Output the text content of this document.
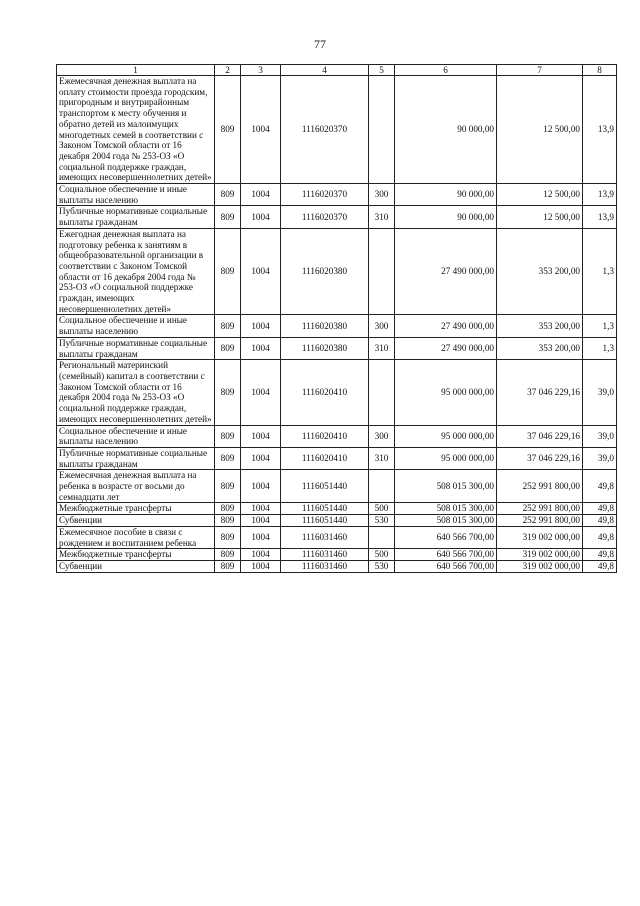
77
1	2	3	4	5	6	7	8
Ежемесячная денежная выплата на оплату стоимости проезда городским, пригородным и внутрирайонным транспортом к месту обучения и обратно детей из малоимущих многодетных семей в соответствии с Законом Томской области от 16 декабря 2004 года № 253-ОЗ «О социальной поддержке граждан, имеющих несовершеннолетних детей»	809	1004	1116020370		90 000,00	12 500,00	13,9
Социальное обеспечение и иные выплаты населению	809	1004	1116020370	300	90 000,00	12 500,00	13,9
Публичные нормативные социальные выплаты гражданам	809	1004	1116020370	310	90 000,00	12 500,00	13,9
Ежегодная денежная выплата на подготовку ребенка к занятиям в общеобразовательной организации в соответствии с Законом Томской области от 16 декабря 2004 года № 253-ОЗ «О социальной поддержке граждан, имеющих несовершеннолетних детей»	809	1004	1116020380		27 490 000,00	353 200,00	1,3
Социальное обеспечение и иные выплаты населению	809	1004	1116020380	300	27 490 000,00	353 200,00	1,3
Публичные нормативные социальные выплаты гражданам	809	1004	1116020380	310	27 490 000,00	353 200,00	1,3
Региональный материнский (семейный) капитал в соответствии с Законом Томской области от 16 декабря 2004 года № 253-ОЗ «О социальной поддержке граждан, имеющих несовершеннолетних детей»	809	1004	1116020410		95 000 000,00	37 046 229,16	39,0
Социальное обеспечение и иные выплаты населению	809	1004	1116020410	300	95 000 000,00	37 046 229,16	39,0
Публичные нормативные социальные выплаты гражданам	809	1004	1116020410	310	95 000 000,00	37 046 229,16	39,0
Ежемесячная денежная выплата на ребенка в возрасте от восьми до семнадцати лет	809	1004	1116051440		508 015 300,00	252 991 800,00	49,8
Межбюджетные трансферты	809	1004	1116051440	500	508 015 300,00	252 991 800,00	49,8
Субвенции	809	1004	1116051440	530	508 015 300,00	252 991 800,00	49,8
Ежемесячное пособие в связи с рождением и воспитанием ребенка	809	1004	1116031460		640 566 700,00	319 002 000,00	49,8
Межбюджетные трансферты	809	1004	1116031460	500	640 566 700,00	319 002 000,00	49,8
Субвенции	809	1004	1116031460	530	640 566 700,00	319 002 000,00	49,8
